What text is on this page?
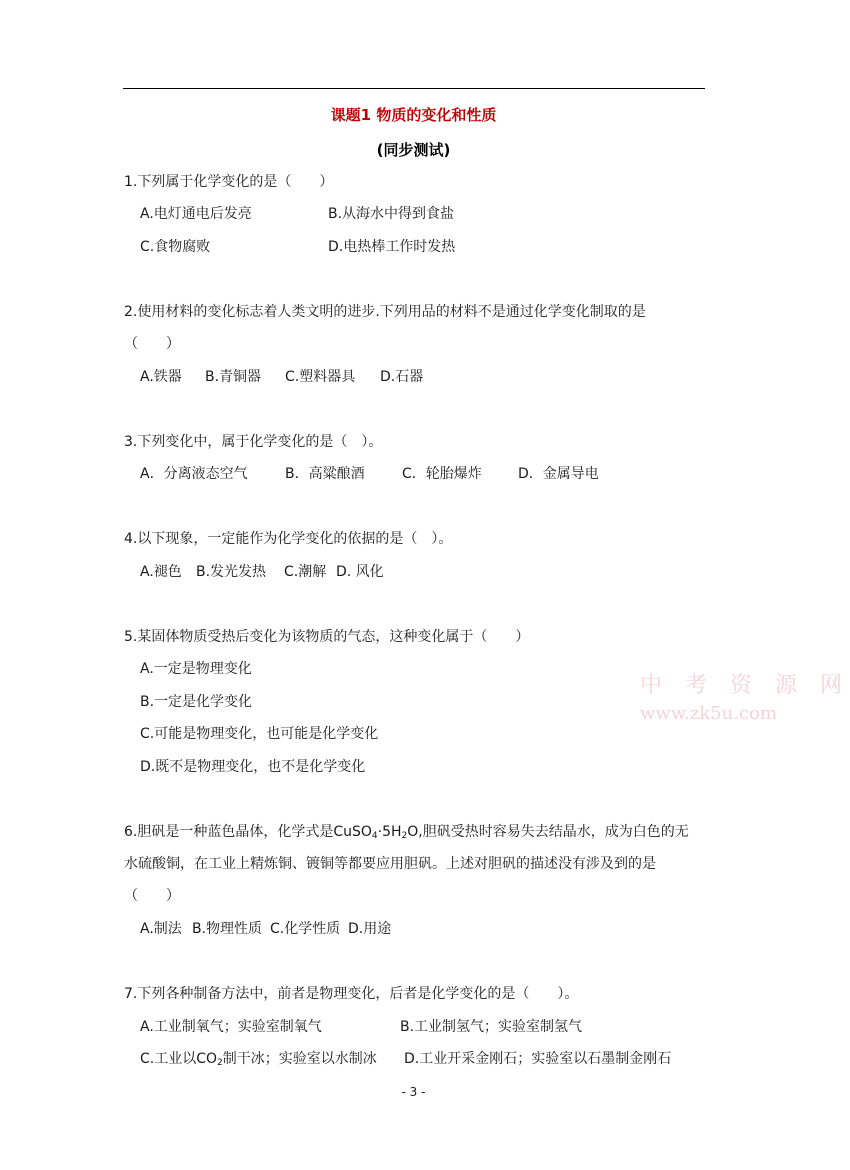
课题1 物质的变化和性质
(同步测试)
1.下列属于化学变化的是（　　）
A.电灯通电后发亮	B.从海水中得到食盐
C.食物腐败	D.电热棒工作时发热
2.使用材料的变化标志着人类文明的进步.下列用品的材料不是通过化学变化制取的是
（　　）
A.铁器 B.青铜器 C.塑料器具 D.石器
3.下列变化中，属于化学变化的是（　）。
A．分离液态空气	B．高粱酿酒	C．轮胎爆炸	D．金属导电
4.以下现象，一定能作为化学变化的依据的是（　）。
A.褪色 B.发光发热 C.潮解 D. 风化
5.某固体物质受热后变化为该物质的气态，这种变化属于（　　）
A.一定是物理变化
B.一定是化学变化
C.可能是物理变化，也可能是化学变化
D.既不是物理变化，也不是化学变化
6.胆矾是一种蓝色晶体，化学式是$CuSO_4\cdot 5H_2O$,胆矾受热时容易失去结晶水，成为白色的无
水硫酸铜，在工业上精炼铜、镀铜等都要应用胆矾。上述对胆矾的描述没有涉及到的是
（　　）
A.制法 B.物理性质 C.化学性质 D.用途
7.下列各种制备方法中，前者是物理变化，后者是化学变化的是（　　）。
A.工业制氧气；实验室制氧气	B.工业制氢气；实验室制氢气
C.工业以$CO_2$制干冰；实验室以水制冰 D.工业开采金刚石；实验室以石墨制金刚石
中 考 资 源 网
www.zk5u.com
- 3 -
